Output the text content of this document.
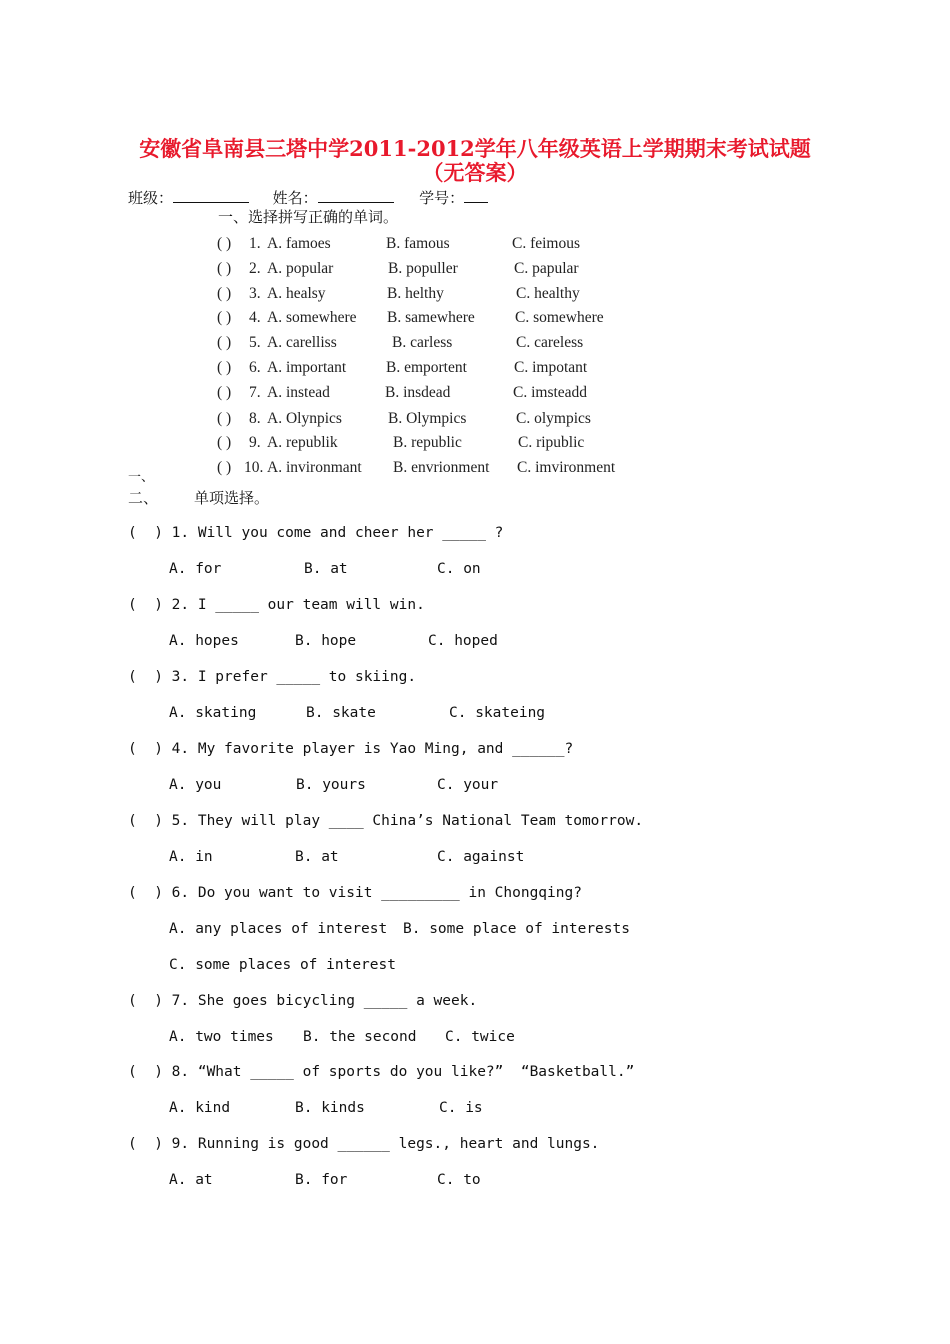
安徽省阜南县三塔中学2011-2012学年八年级英语上学期期末考试试题
（无答案）
班级：	姓名：	学号：
一、选择拼写正确的单词。
( ) 1. A. famoes	B. famous	C. feimous
( ) 2. A. popular	B. populler	C. papular
( ) 3. A. healsy	B. helthy	C. healthy
( ) 4. A. somewhere B. samewhere	C. somewhere
( ) 5. A. carelliss	B. carless	C. careless
( ) 6. A. important	B. emportent	C. impotant
( ) 7. A. instead	B. insdead	C. imsteadd
( ) 8. A. Olynpics	B. Olympics	C. olympics
( ) 9. A. republik	B. republic	C. ripublic
( ) 10. A. invironmant B. envrionment C. imvironment
一、
二、 单项选择。
(  ) 1. Will you come and cheer her _____ ?

A. for

	B. at

	C. on

(  ) 2. I _____ our team will win.

A. hopes

	B. hope

	C. hoped

(  ) 3. I prefer _____ to skiing.

A. skating

	B. skate

	C. skateing

(  ) 4. My favorite player is Yao Ming, and ______?

A. you

	B. yours

	C. your

(  ) 5. They will play ____ China’s National Team tomorrow.

A. in

	B. at

	C. against

(  ) 6. Do you want to visit _________ in Chongqing?

A. any places of interest

B. some place of interests

C. some places of interest

(  ) 7. She goes bicycling _____ a week.

A. two times

B. the second

C. twice

(  ) 8. “What _____ of sports do you like?”  “Basketball.”

A. kind

	B. kinds

	C. is

(  ) 9. Running is good ______ legs., heart and lungs.

A. at

	B. for

	C. to
